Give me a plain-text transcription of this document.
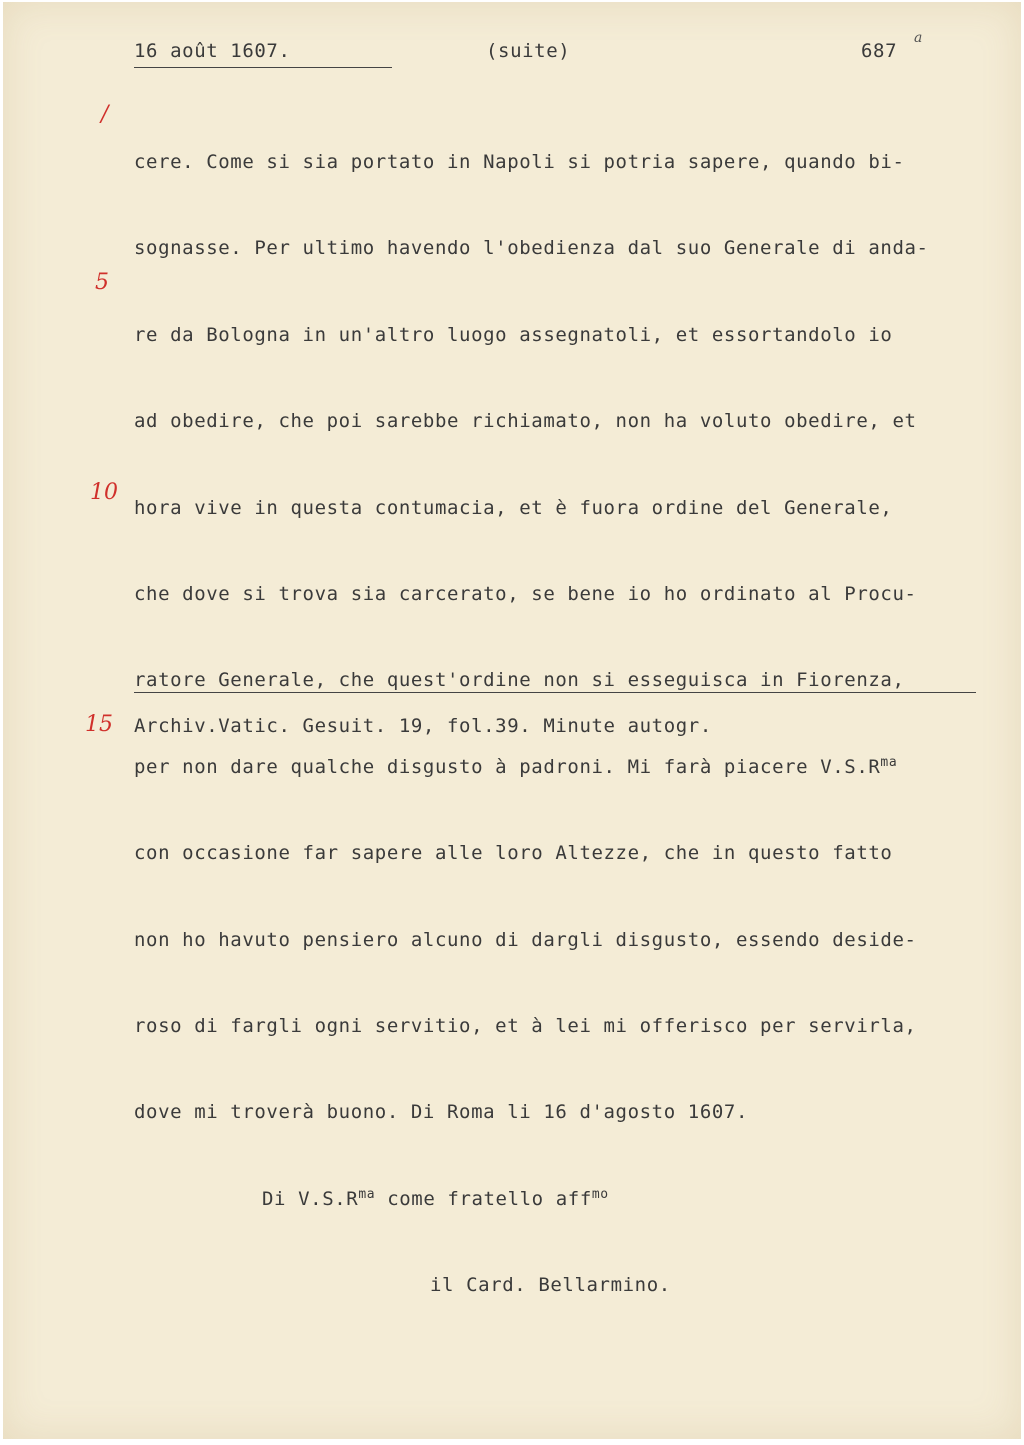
16 août 1607.

	(suite)

	687

a

/
5
10
15

cere. Come si sia portato in Napoli si potria sapere, quando bi-

sognasse. Per ultimo havendo l'obedienza dal suo Generale di anda-

re da Bologna in un'altro luogo assegnatoli, et essortandolo io

ad obedire, che poi sarebbe richiamato, non ha voluto obedire, et

hora vive in questa contumacia, et è fuora ordine del Generale,

che dove si trova sia carcerato, se bene io ho ordinato al Procu-

ratore Generale, che quest'ordine non si esseguisca in Fiorenza,

per non dare qualche disgusto à padroni. Mi farà piacere $V.S.R^{ma}$

con occasione far sapere alle loro Altezze, che in questo fatto

non ho havuto pensiero alcuno di dargli disgusto, essendo deside-

roso di fargli ogni servitio, et à lei mi offerisco per servirla,

dove mi troverà buono. Di Roma li 16 d'agosto 1607.

Di $V.S.R^{ma}$ come fratello aff$^{mo}$

il Card. Bellarmino.

Archiv.Vatic. Gesuit. 19, fol.39. Minute autogr.
